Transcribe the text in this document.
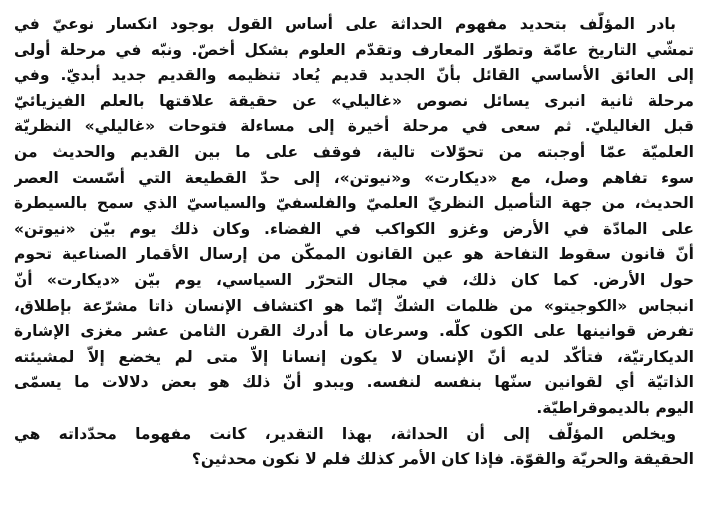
بادر المؤلّف بتحديد مفهوم الحداثة على أساس القول بوجود انكسار نوعيّ في
تمشّي التاريخ عامّة وتطوّر المعارف وتقدّم العلوم بشكل أخصّ. ونبّه في مرحلة أولى
إلى العائق الأساسي القائل بأنّ الجديد قديم يُعاد تنظيمه والقديم جديد أبديّ. وفي
مرحلة ثانية انبرى يسائل نصوص «غاليلي» عن حقيقة علاقتها بالعلم الفيزيائيّ
قبل الغاليليّ. ثم سعى في مرحلة أخيرة إلى مساءلة فتوحات «غاليلي» النظريّة
العلميّة عمّا أوجبته من تحوّلات تالية، فوقف على ما بين القديم والحديث من
سوء تفاهم وصل، مع «ديكارت» و«نيوتن»، إلى حدّ القطيعة التي أسّست العصر
الحديث، من جهة التأصيل النظريّ العلميّ والفلسفيّ والسياسيّ الذي سمح بالسيطرة
على المادّة في الأرض وغزو الكواكب في الفضاء. وكان ذلك يوم بيّن «نيوتن»
أنّ قانون سقوط التفاحة هو عين القانون الممكّن من إرسال الأقمار الصناعية تحوم
حول الأرض. كما كان ذلك، في مجال التحرّر السياسي، يوم بيّن «ديكارت» أنّ
انبجاس «الكوجيتو» من ظلمات الشكّ إنّما هو اكتشاف الإنسان ذاتا مشرّعة بإطلاق،
تفرض قوانينها على الكون كلّه. وسرعان ما أدرك القرن الثامن عشر مغزى الإشارة
الديكارتيّة، فتأكّد لديه أنّ الإنسان لا يكون إنسانا إلاّ متى لم يخضع إلاّ لمشيئته
الذاتيّة أي لقوانين سنّها بنفسه لنفسه. ويبدو أنّ ذلك هو بعض دلالات ما يسمّى
اليوم بالديموقراطيّة.
ويخلص المؤلّف إلى أن الحداثة، بهذا التقدير، كانت مفهوما محدّداته هي
الحقيقة والحريّة والقوّة. فإذا كان الأمر كذلك فلم لا نكون محدثين؟
